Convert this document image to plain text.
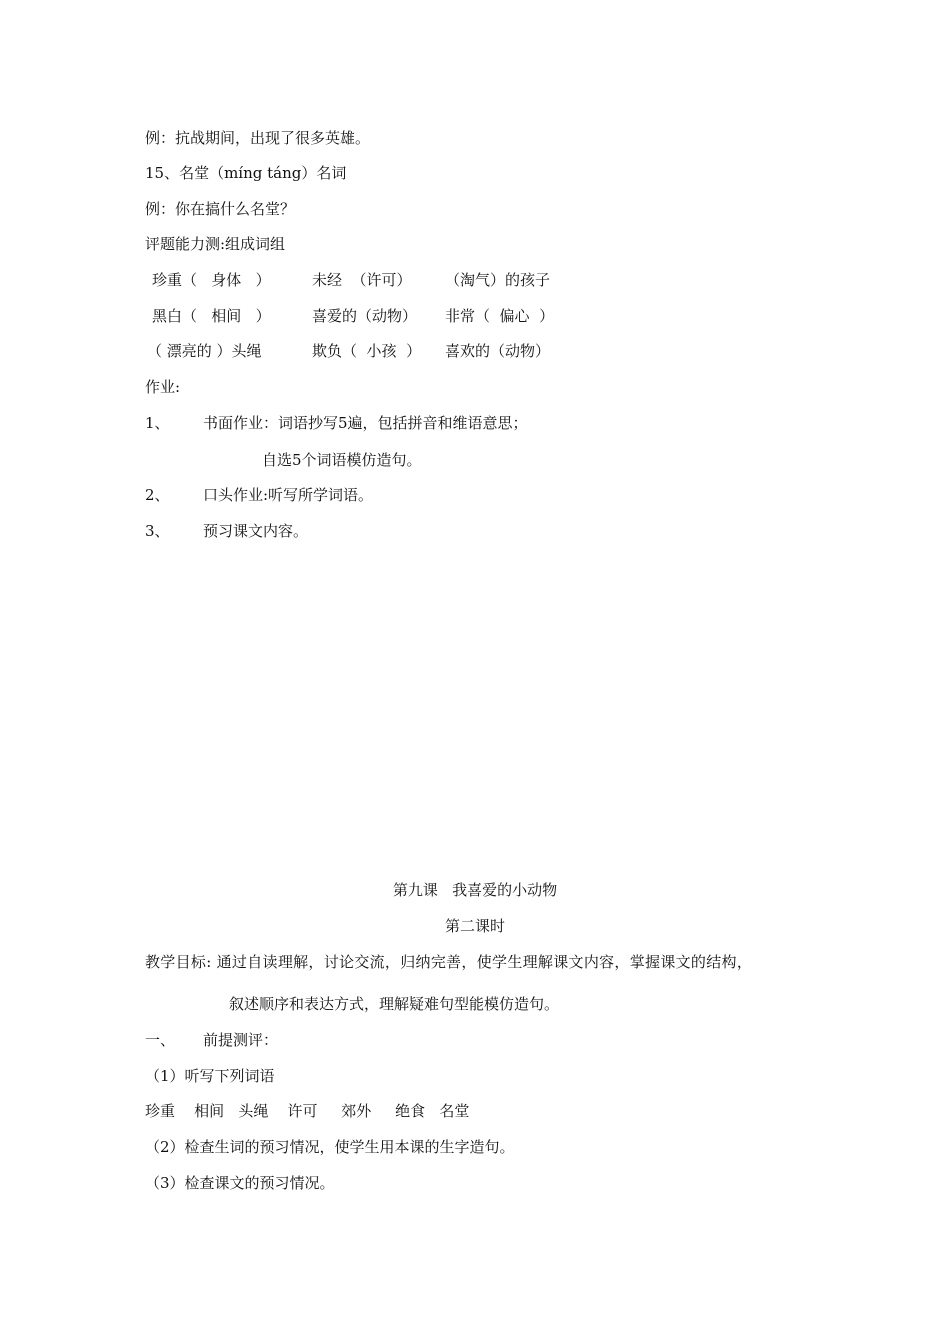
例：抗战期间，出现了很多英雄。
15、名堂（míng táng）名词
例：你在搞什么名堂？
评题能力测:组成词组
珍重（   身体   ）	未经  （许可） （淘气）的孩子
黑白（   相间   ）	喜爱的（动物） 非常（  偏心  ）
（ 漂亮的 ）头绳	欺负（  小孩  ） 喜欢的（动物）
作业:
1、 书面作业：词语抄写5遍，包括拼音和维语意思；
自选5个词语模仿造句。
2、 口头作业:听写所学词语。
3、 预习课文内容。
第九课   我喜爱的小动物
第二课时
教学目标: 通过自读理解，讨论交流，归纳完善，使学生理解课文内容，掌握课文的结构，
叙述顺序和表达方式，理解疑难句型能模仿造句。
一、 前提测评：
（1）听写下列词语
珍重    相间   头绳    许可     郊外     绝食   名堂
（2）检查生词的预习情况，使学生用本课的生字造句。
（3）检查课文的预习情况。
